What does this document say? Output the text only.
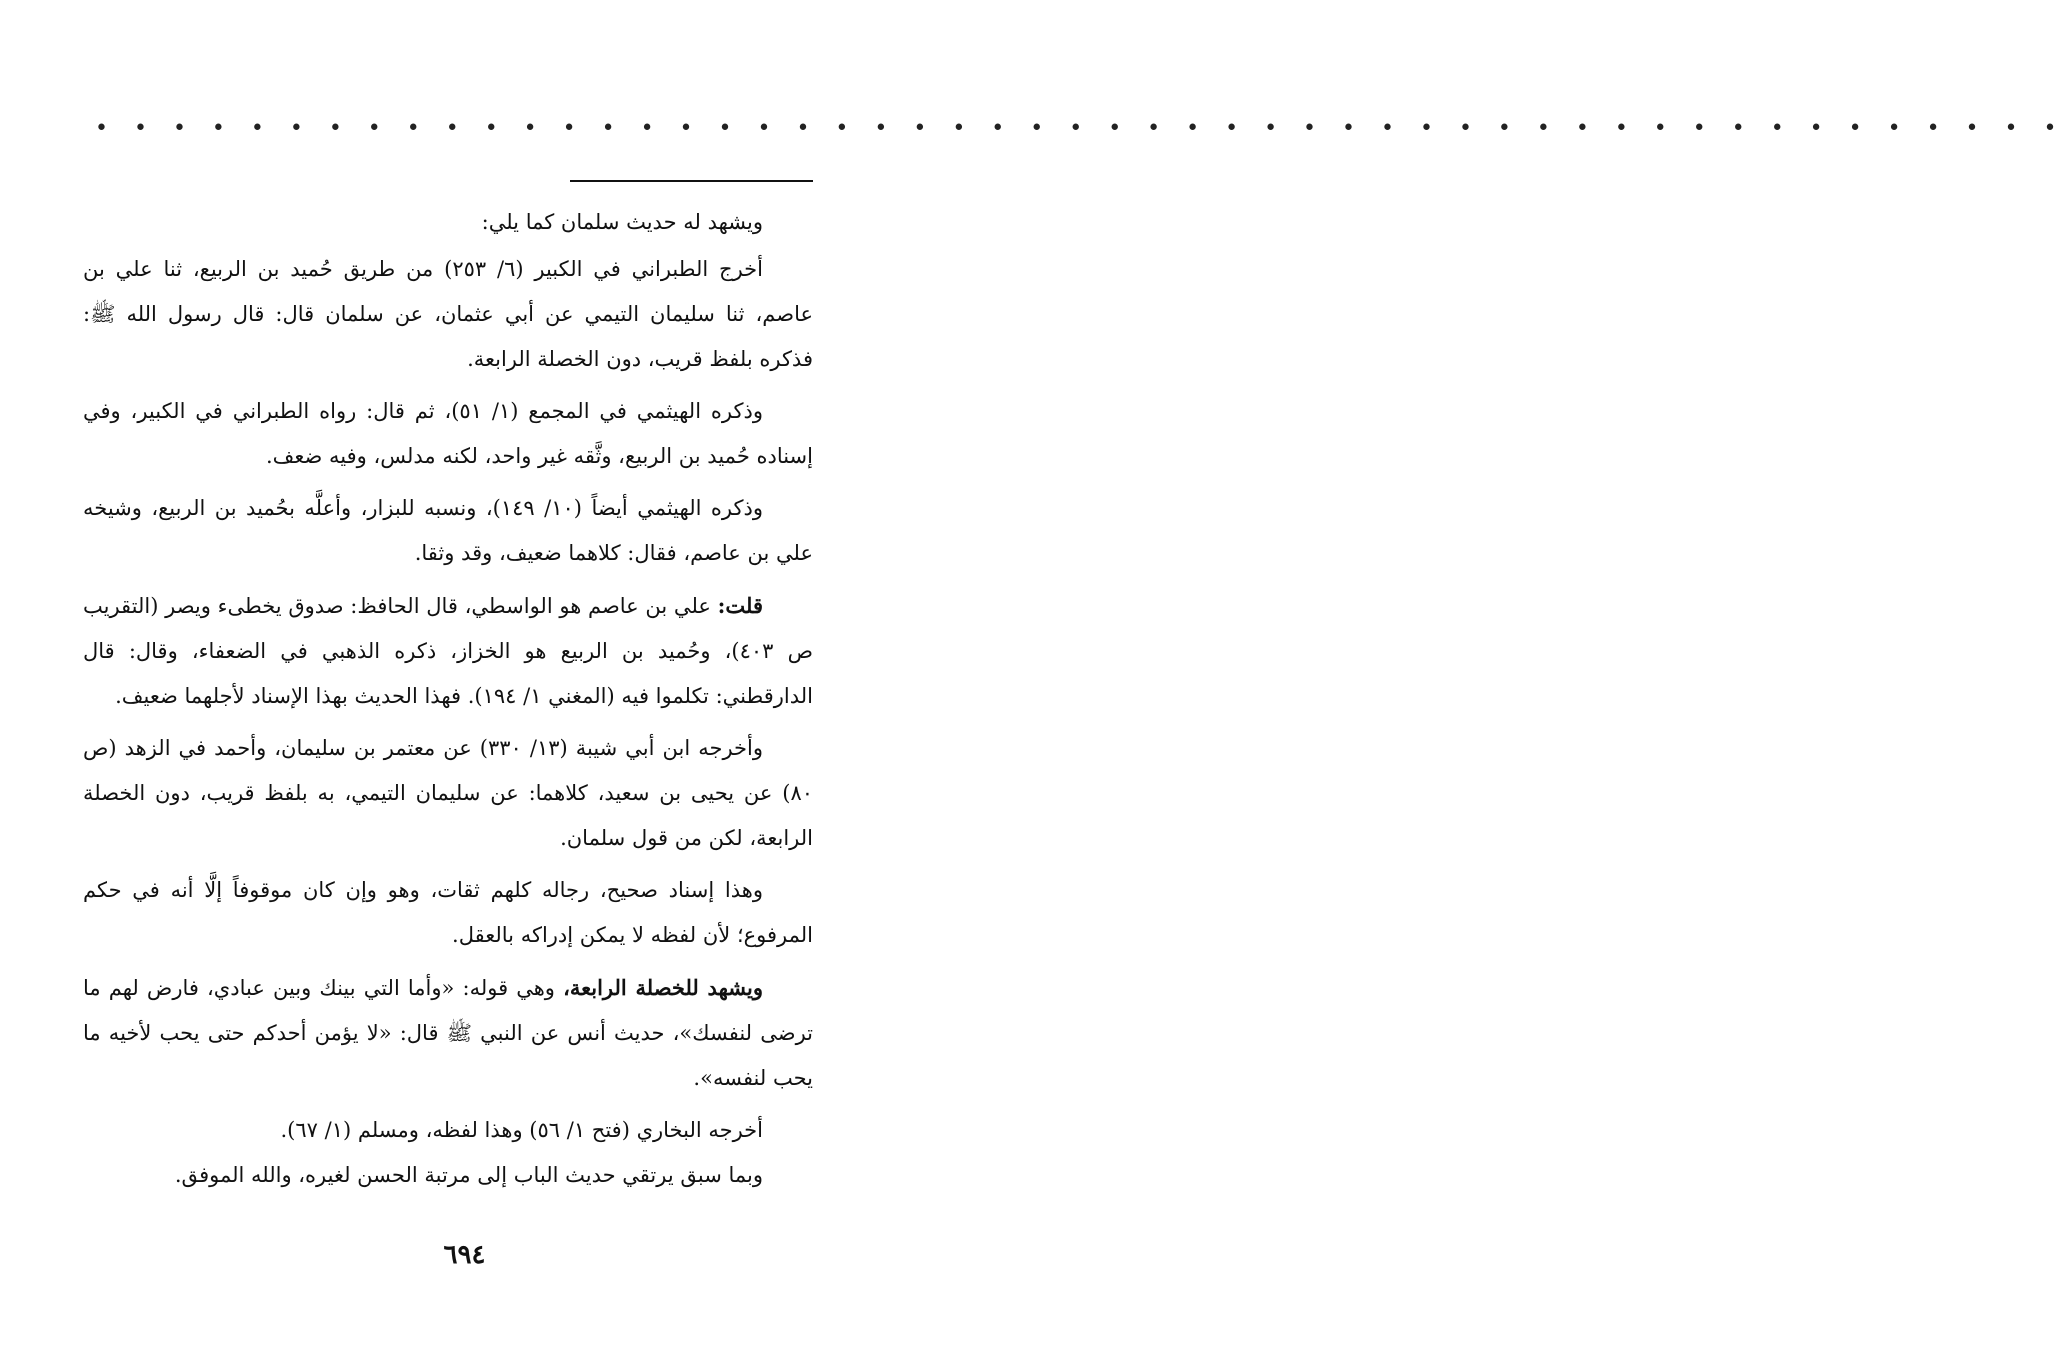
• • • • • • • • • • • • • • • • • • • • • • • • • • • • • • • • • • • • • • • • • • • • • • • • • • •

ويشهد له حديث سلمان كما يلي:

أخرج الطبراني في الكبير (٦/ ٢٥٣) من طريق حُميد بن الربيع، ثنا علي بن عاصم، ثنا سليمان التيمي عن أبي عثمان، عن سلمان قال: قال رسول الله ﷺ: فذكره بلفظ قريب، دون الخصلة الرابعة.

وذكره الهيثمي في المجمع (١/ ٥١)، ثم قال: رواه الطبراني في الكبير، وفي إسناده حُميد بن الربيع، وثَّقه غير واحد، لكنه مدلس، وفيه ضعف.

وذكره الهيثمي أيضاً (١٠/ ١٤٩)، ونسبه للبزار، وأعلَّه بحُميد بن الربيع، وشيخه علي بن عاصم، فقال: كلاهما ضعيف، وقد وثقا.

قلت: علي بن عاصم هو الواسطي، قال الحافظ: صدوق يخطىء ويصر (التقريب ص ٤٠٣)، وحُميد بن الربيع هو الخزاز، ذكره الذهبي في الضعفاء، وقال: قال الدارقطني: تكلموا فيه (المغني ١/ ١٩٤). فهذا الحديث بهذا الإسناد لأجلهما ضعيف.

وأخرجه ابن أبي شيبة (١٣/ ٣٣٠) عن معتمر بن سليمان، وأحمد في الزهد (ص ٨٠) عن يحيى بن سعيد، كلاهما: عن سليمان التيمي، به بلفظ قريب، دون الخصلة الرابعة، لكن من قول سلمان.

وهذا إسناد صحيح، رجاله كلهم ثقات، وهو وإن كان موقوفاً إلَّا أنه في حكم المرفوع؛ لأن لفظه لا يمكن إدراكه بالعقل.

ويشهد للخصلة الرابعة، وهي قوله: «وأما التي بينك وبين عبادي، فارض لهم ما ترضى لنفسك»، حديث أنس عن النبي ﷺ قال: «لا يؤمن أحدكم حتى يحب لأخيه ما يحب لنفسه».

أخرجه البخاري (فتح ١/ ٥٦) وهذا لفظه، ومسلم (١/ ٦٧).

وبما سبق يرتقي حديث الباب إلى مرتبة الحسن لغيره، والله الموفق.

٦٩٤
